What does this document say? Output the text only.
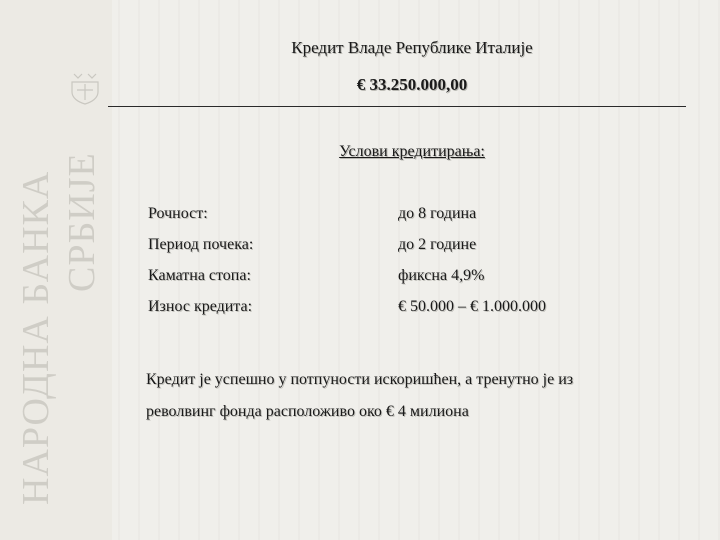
НАРОДНА БАНКА СРБИЈЕ
Кредит Владе Републике Италије
€ 33.250.000,00
Услови кредитирања:
Рочност:	до 8 година
Период почека:	до 2 године
Каматна стопа:	фиксна 4,9%
Износ кредита:	€ 50.000 – € 1.000.000

Кредит је успешно у потпуности искоришћен, а тренутно је из

револвинг фонда расположиво око € 4 милиона
